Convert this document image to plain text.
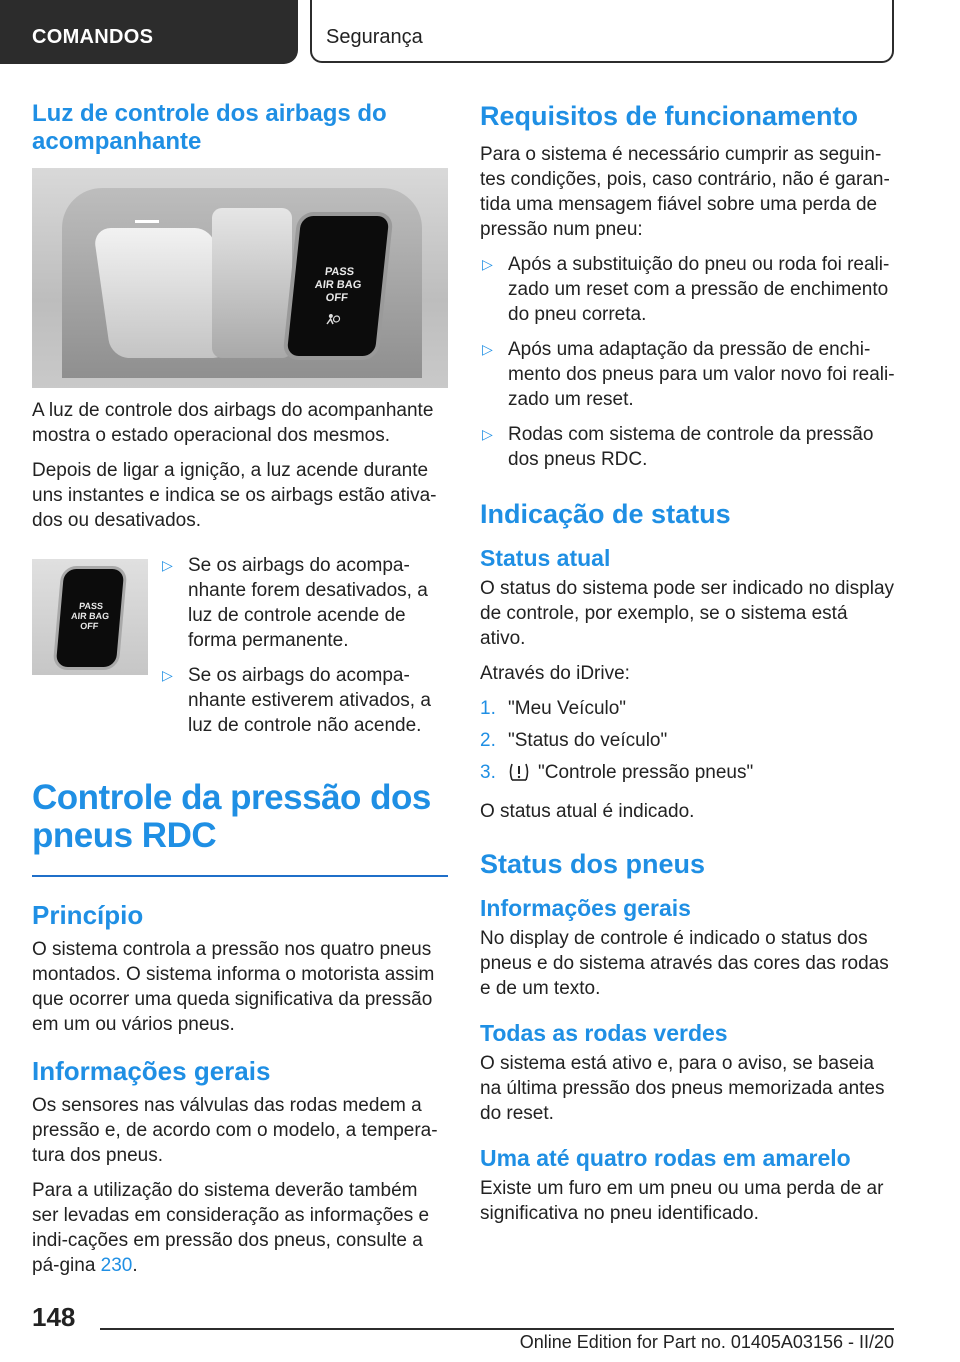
COMANDOS	Segurança
Luz de controle dos airbags do acompanhante
PASS
AIR BAG
OFF

A luz de controle dos airbags do acompanhante mostra o estado operacional dos mesmos.

Depois de ligar a ignição, a luz acende durante uns instantes e indica se os airbags estão ativa‐dos ou desativados.

PASS
AIR BAG
OFF
▷ Se os airbags do acompa‐nhante forem desativados, a luz de controle acende de forma permanente.
▷ Se os airbags do acompa‐nhante estiverem ativados, a luz de controle não acende.
Controle da pressão dos
pneus RDC
Princípio

O sistema controla a pressão nos quatro pneus montados. O sistema informa o motorista assim que ocorrer uma queda significativa da pressão em um ou vários pneus.

Informações gerais

Os sensores nas válvulas das rodas medem a pressão e, de acordo com o modelo, a tempera‐tura dos pneus.

Para a utilização do sistema deverão também ser levadas em consideração as informações e indi‐cações em pressão dos pneus, consulte a pá‐gina 230.

Requisitos de funcionamento

Para o sistema é necessário cumprir as seguin‐tes condições, pois, caso contrário, não é garan‐tida uma mensagem fiável sobre uma perda de pressão num pneu:

▷ Após a substituição do pneu ou roda foi reali‐zado um reset com a pressão de enchimento do pneu correta.
▷ Após uma adaptação da pressão de enchi‐mento dos pneus para um valor novo foi reali‐zado um reset.
▷ Rodas com sistema de controle da pressão dos pneus RDC.
Indicação de status
Status atual

O status do sistema pode ser indicado no display de controle, por exemplo, se o sistema está ativo.

Através do iDrive:

1. "Meu Veículo"
2. "Status do veículo"
3. "Controle pressão pneus"

O status atual é indicado.

Status dos pneus
Informações gerais

No display de controle é indicado o status dos pneus e do sistema através das cores das rodas e de um texto.

Todas as rodas verdes

O sistema está ativo e, para o aviso, se baseia na última pressão dos pneus memorizada antes do reset.

Uma até quatro rodas em amarelo

Existe um furo em um pneu ou uma perda de ar significativa no pneu identificado.

148
Online Edition for Part no. 01405A03156 - II/20
